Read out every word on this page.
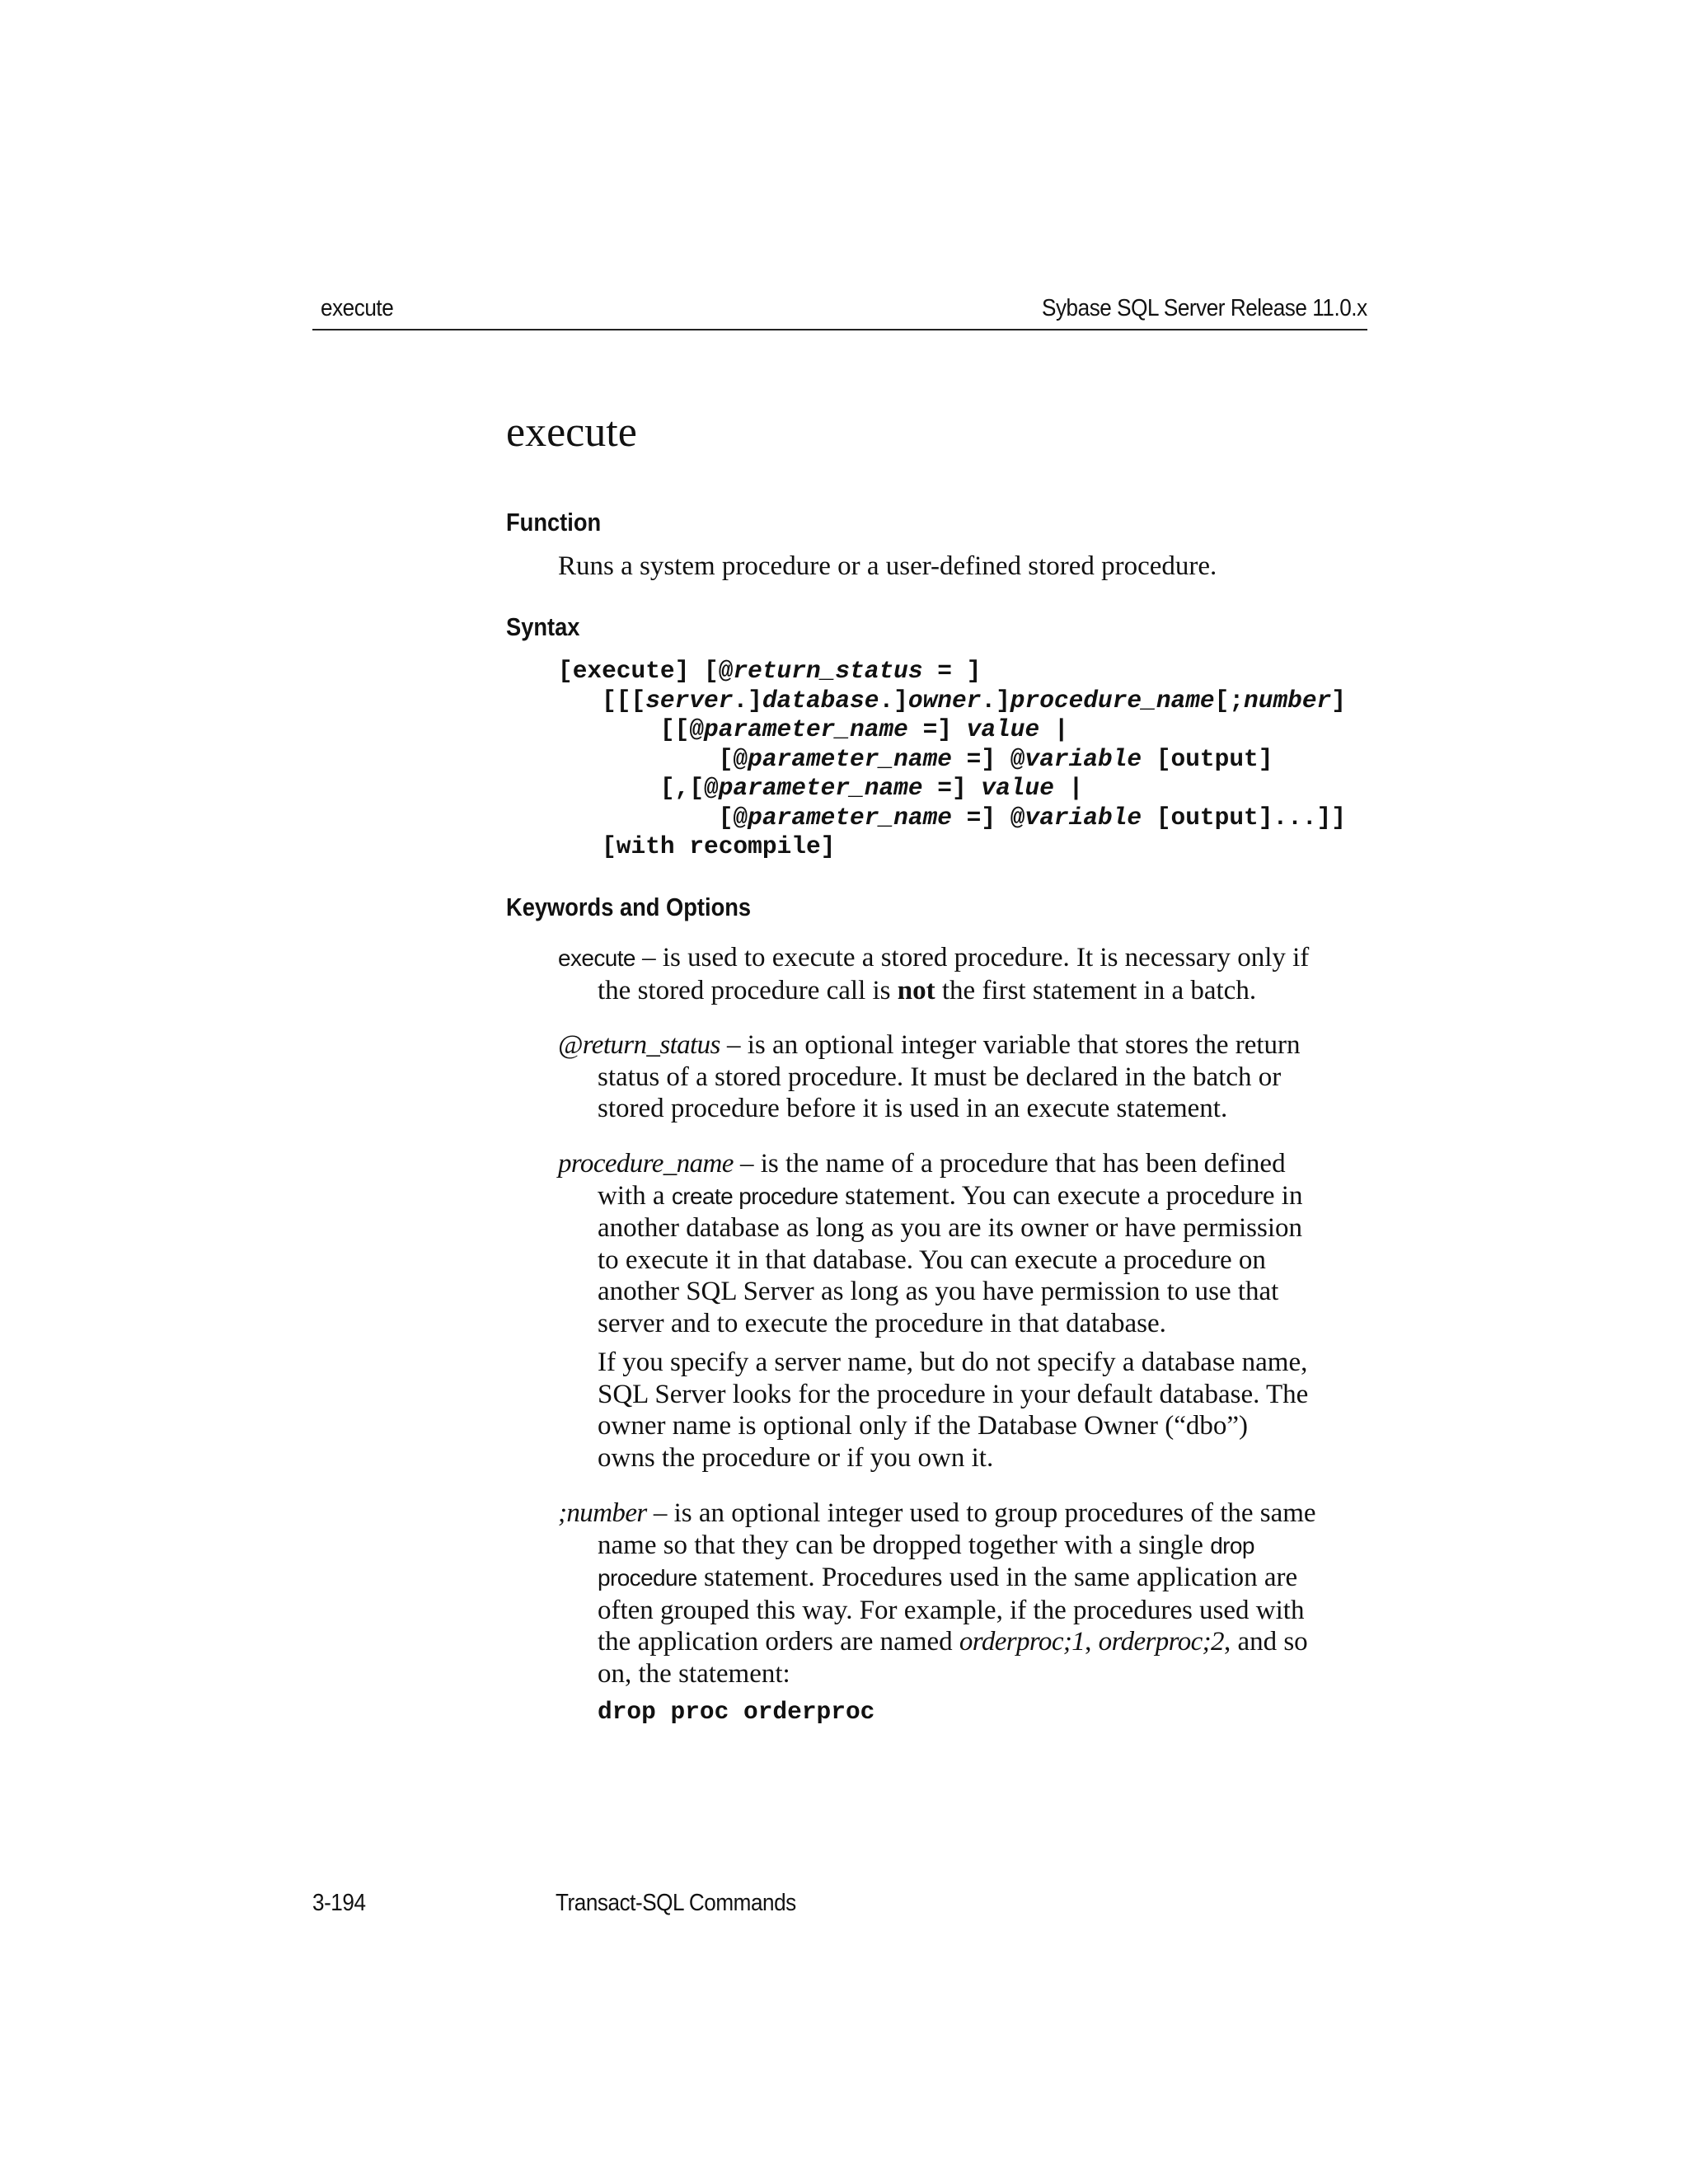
execute	Sybase SQL Server Release 11.0.x
execute
Function
Runs a system procedure or a user-defined stored procedure.
Syntax
[execute] [@return_status = ]
[[[server.]database.]owner.]procedure_name[;number]
[[@parameter_name =] value |
[@parameter_name =] @variable [output]
[,[@parameter_name =] value |
[@parameter_name =] @variable [output]...]]
[with recompile]
Keywords and Options
execute – is used to execute a stored procedure. It is necessary only if
the stored procedure call is not the first statement in a batch.
@return_status – is an optional integer variable that stores the return
status of a stored procedure. It must be declared in the batch or
stored procedure before it is used in an execute statement.
procedure_name – is the name of a procedure that has been defined
with a create procedure statement. You can execute a procedure in
another database as long as you are its owner or have permission
to execute it in that database. You can execute a procedure on
another SQL Server as long as you have permission to use that
server and to execute the procedure in that database.
If you specify a server name, but do not specify a database name,
SQL Server looks for the procedure in your default database. The
owner name is optional only if the Database Owner (“dbo”)
owns the procedure or if you own it.
;number – is an optional integer used to group procedures of the same
name so that they can be dropped together with a single drop
procedure statement. Procedures used in the same application are
often grouped this way. For example, if the procedures used with
the application orders are named orderproc;1, orderproc;2, and so
on, the statement:
drop proc orderproc
3-194	Transact-SQL Commands
